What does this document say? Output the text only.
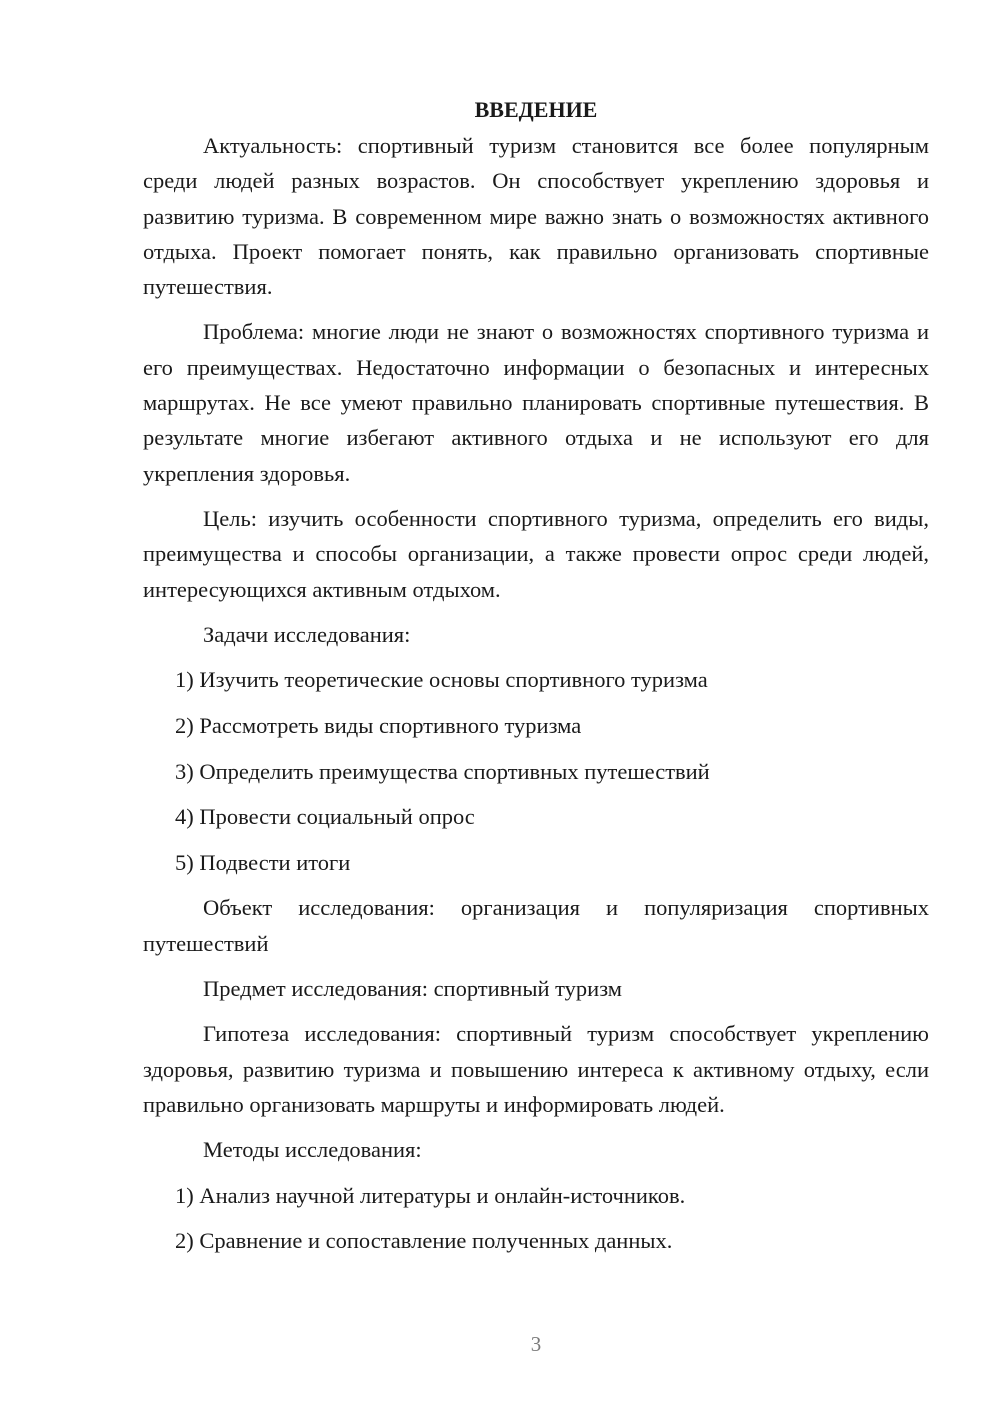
ВВЕДЕНИЕ

Актуальность: спортивный туризм становится все более популярным среди людей разных возрастов. Он способствует укреплению здоровья и развитию туризма. В современном мире важно знать о возможностях активного отдыха. Проект помогает понять, как правильно организовать спортивные путешествия.

Проблема: многие люди не знают о возможностях спортивного туризма и его преимуществах. Недостаточно информации о безопасных и интересных маршрутах. Не все умеют правильно планировать спортивные путешествия. В результате многие избегают активного отдыха и не используют его для укрепления здоровья.

Цель: изучить особенности спортивного туризма, определить его виды, преимущества и способы организации, а также провести опрос среди людей, интересующихся активным отдыхом.

Задачи исследования:

1) Изучить теоретические основы спортивного туризма

2) Рассмотреть виды спортивного туризма

3) Определить преимущества спортивных путешествий

4) Провести социальный опрос

5) Подвести итоги

Объект исследования: организация и популяризация спортивных путешествий

Предмет исследования: спортивный туризм

Гипотеза исследования: спортивный туризм способствует укреплению здоровья, развитию туризма и повышению интереса к активному отдыху, если правильно организовать маршруты и информировать людей.

Методы исследования:

1) Анализ научной литературы и онлайн-источников.

2) Сравнение и сопоставление полученных данных.

3
